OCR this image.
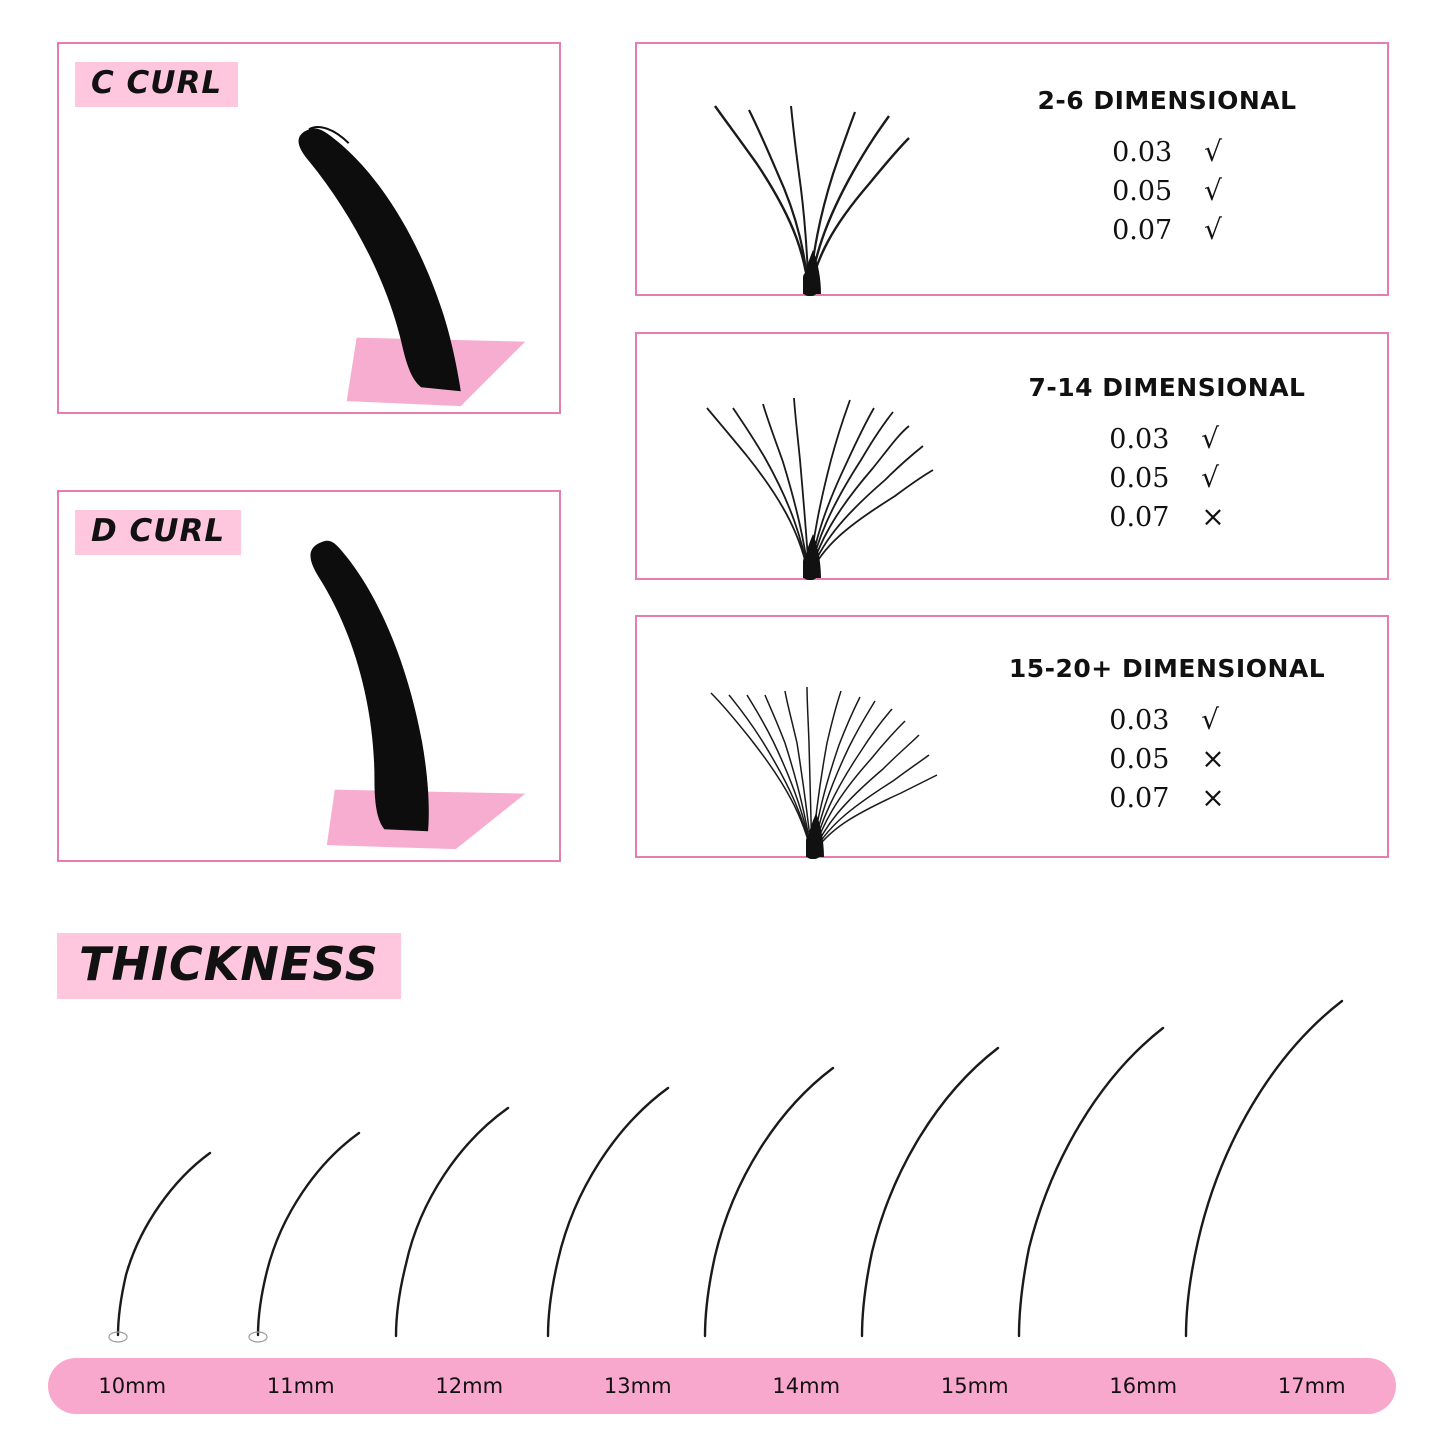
C CURL
D CURL
2-6 DIMENSIONAL
0.03	√
0.05	√
0.07	√
7-14 DIMENSIONAL
0.03	√
0.05	√
0.07	×
15-20+ DIMENSIONAL
0.03	√
0.05	×
0.07	×
THICKNESS
10mm	11mm	12mm	13mm	14mm	15mm	16mm	17mm
